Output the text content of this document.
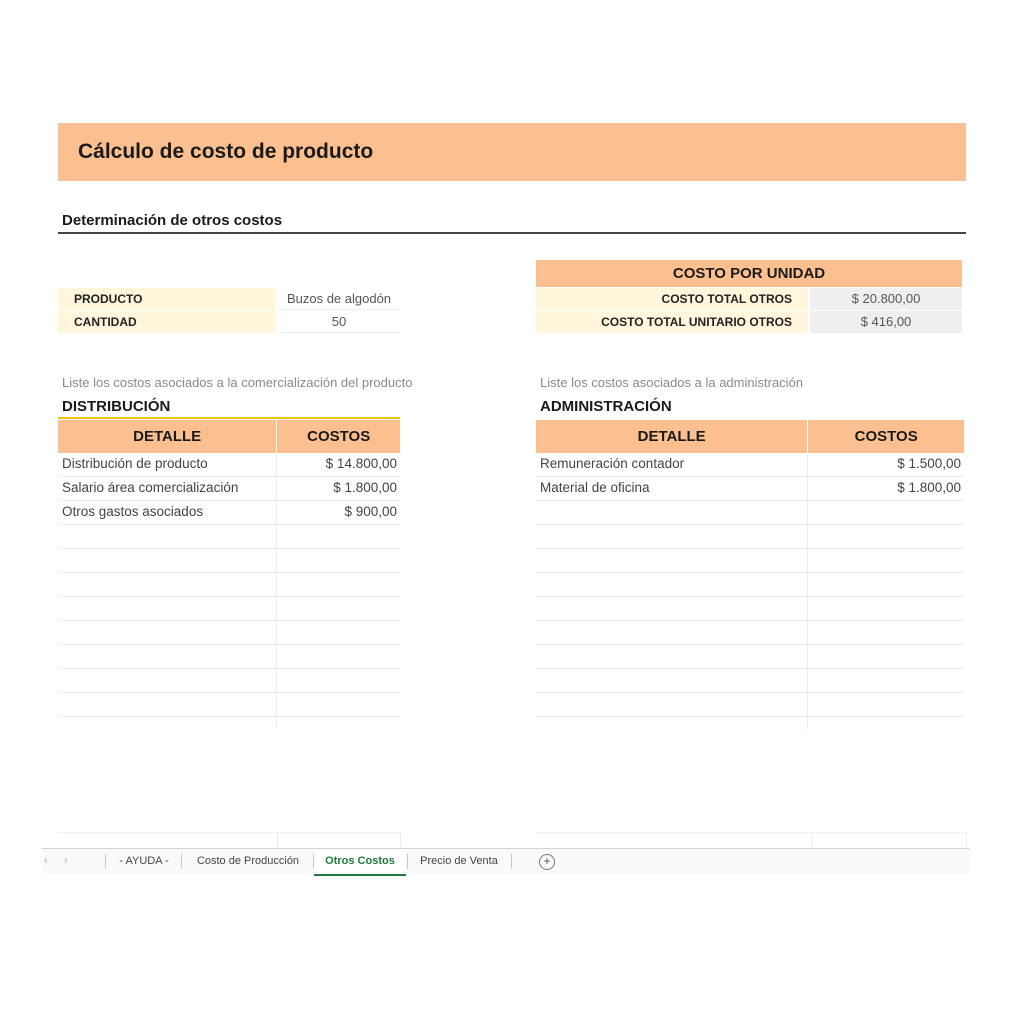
Cálculo de costo de producto
Determinación de otros costos
PRODUCTO	Buzos de algodón
CANTIDAD	50
COSTO POR UNIDAD
COSTO TOTAL OTROS	$ 20.800,00
COSTO TOTAL UNITARIO OTROS	$ 416,00
Liste los costos asociados a la comercialización del producto
DISTRIBUCIÓN
DETALLE	COSTOS
Distribución de producto	$ 14.800,00
Salario área comercialización	$ 1.800,00
Otros gastos asociados	$ 900,00
Liste los costos asociados a la administración
ADMINISTRACIÓN
DETALLE	COSTOS
Remuneración contador	$ 1.500,00
Material de oficina	$ 1.800,00
‹ ›	- AYUDA -	Costo de Producción	Otros Costos	Precio de Venta	+
